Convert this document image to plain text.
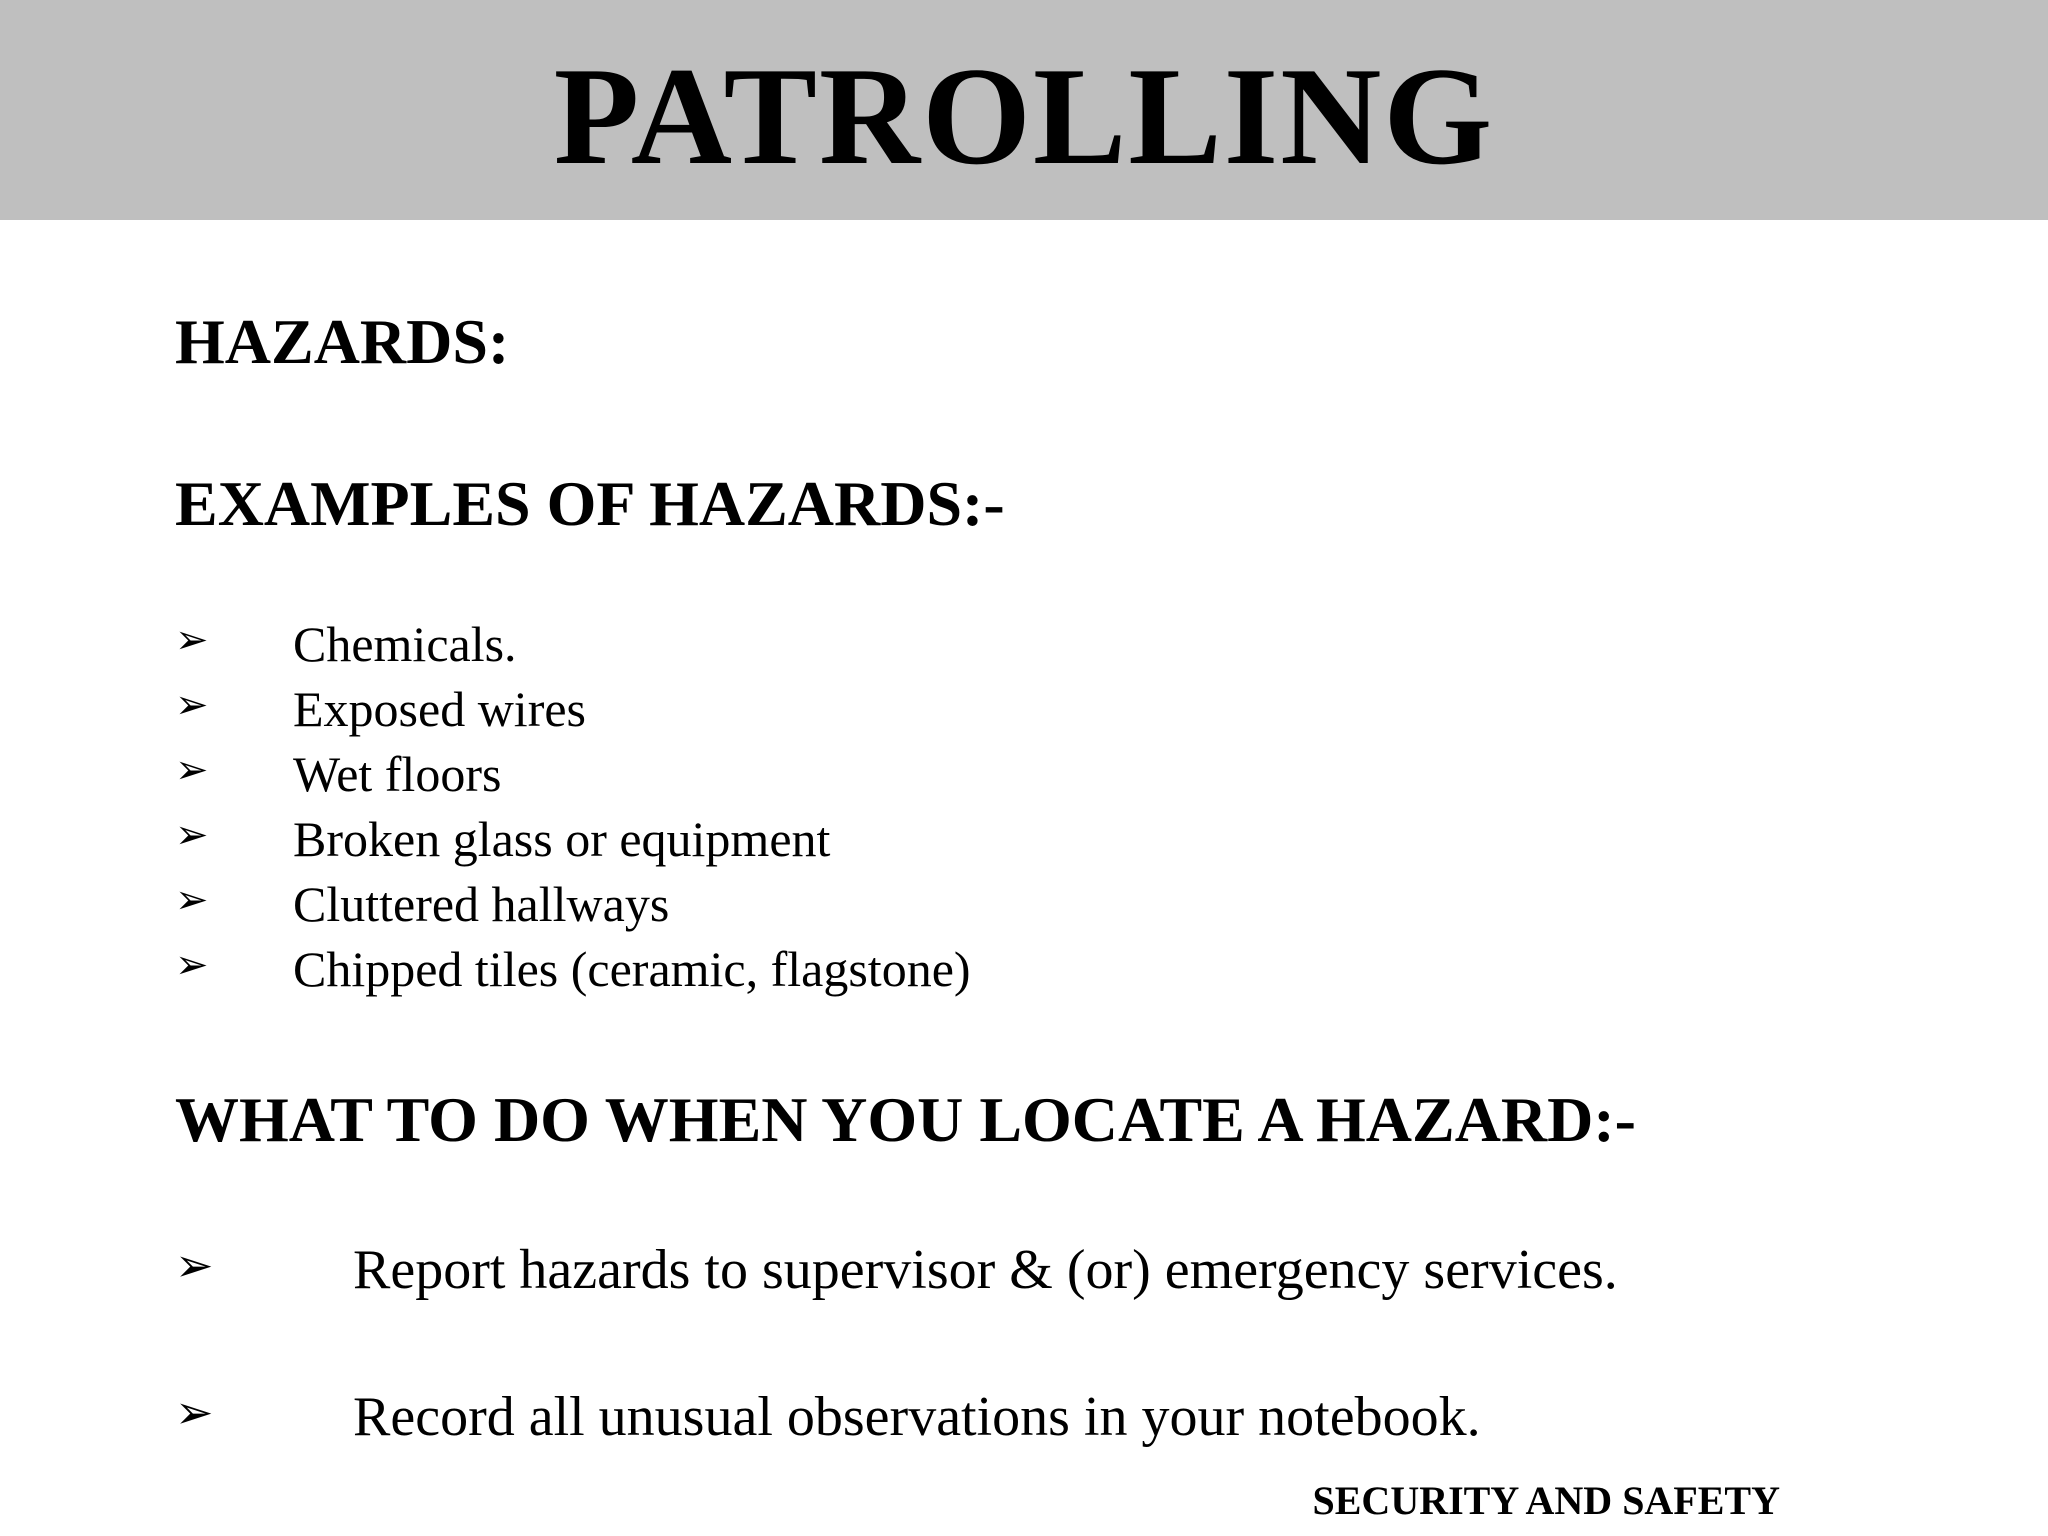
PATROLLING
HAZARDS:
EXAMPLES OF HAZARDS:-
➢ Chemicals.
➢ Exposed wires
➢ Wet floors
➢ Broken glass or equipment
➢ Cluttered hallways
➢ Chipped tiles (ceramic, flagstone)
WHAT TO DO WHEN YOU LOCATE A HAZARD:-
➢ Report hazards to supervisor & (or) emergency services.
➢ Record all unusual observations in your notebook.
SECURITY AND SAFETY
